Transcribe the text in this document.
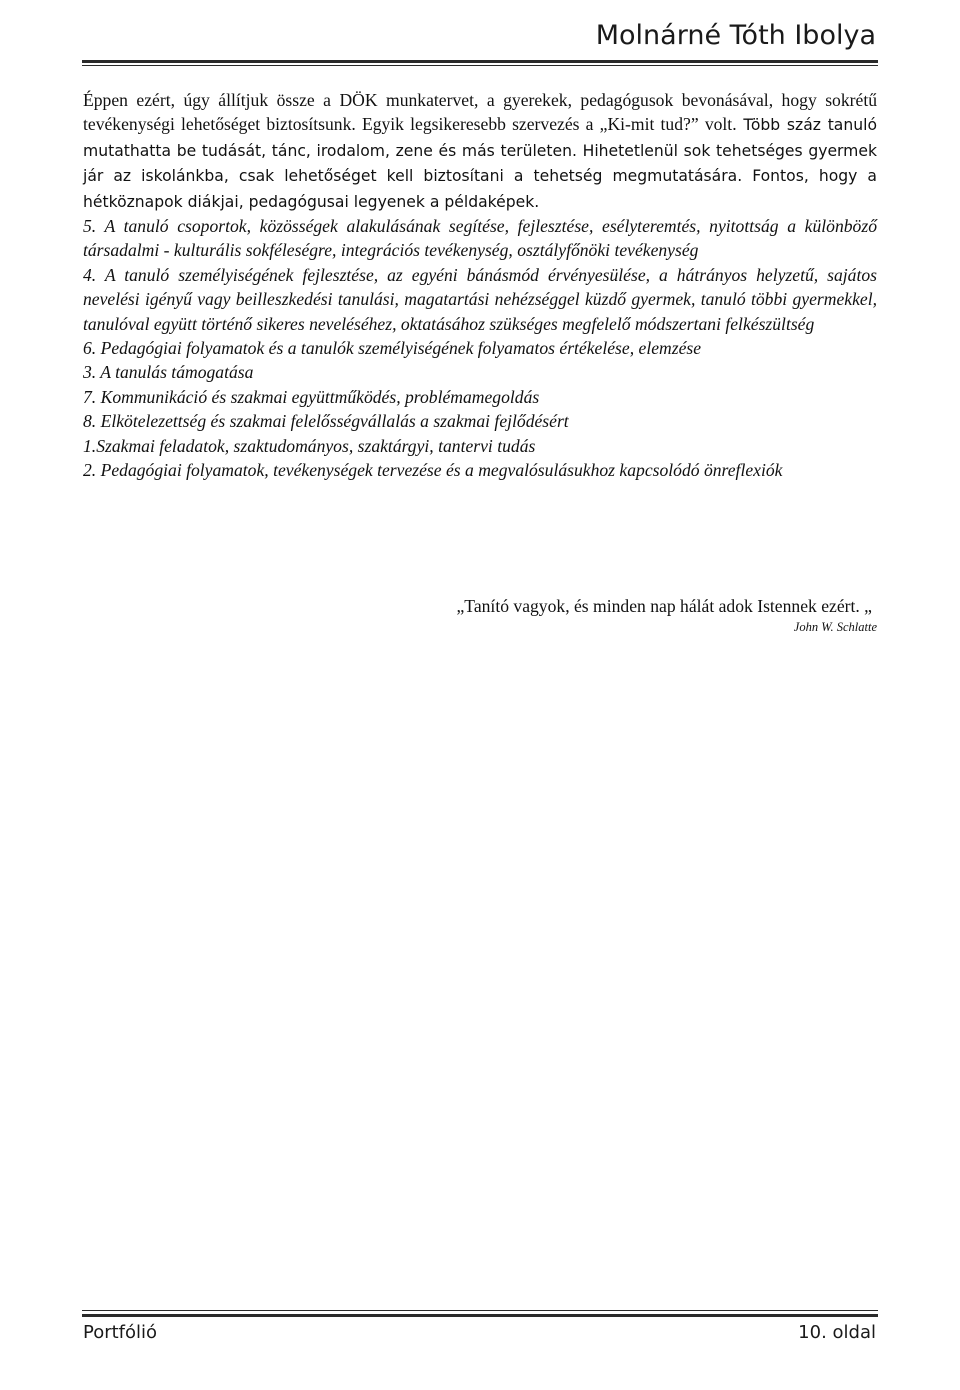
Molnárné Tóth Ibolya

Éppen ezért, úgy állítjuk össze a DÖK munkatervet, a gyerekek, pedagógusok bevonásával, hogy sokrétű tevékenységi lehetőséget biztosítsunk. Egyik legsikeresebb szervezés a „Ki-mit tud?” volt. Több száz tanuló mutathatta be tudását, tánc, irodalom, zene és más területen. Hihetetlenül sok tehetséges gyermek jár az iskolánkba, csak lehetőséget kell biztosítani a tehetség megmutatására. Fontos, hogy a hétköznapok diákjai, pedagógusai legyenek a példaképek.

5. A tanuló csoportok, közösségek alakulásának segítése, fejlesztése, esélyteremtés, nyitottság a különböző társadalmi - kulturális sokféleségre, integrációs tevékenység, osztályfőnöki tevékenység

4. A tanuló személyiségének fejlesztése, az egyéni bánásmód érvényesülése, a hátrányos helyzetű, sajátos nevelési igényű vagy beilleszkedési tanulási, magatartási nehézséggel küzdő gyermek, tanuló többi gyermekkel, tanulóval együtt történő sikeres neveléséhez, oktatásához szükséges megfelelő módszertani felkészültség

6. Pedagógiai folyamatok és a tanulók személyiségének folyamatos értékelése, elemzése

3. A tanulás támogatása

7. Kommunikáció és szakmai együttműködés, problémamegoldás

8. Elkötelezettség és szakmai felelősségvállalás a szakmai fejlődésért

1.Szakmai feladatok, szaktudományos, szaktárgyi, tantervi tudás

2. Pedagógiai folyamatok, tevékenységek tervezése és a megvalósulásukhoz kapcsolódó önreflexiók

„Tanító vagyok, és minden nap hálát adok Istennek ezért. „
John W. Schlatte
Portfólió	10. oldal
